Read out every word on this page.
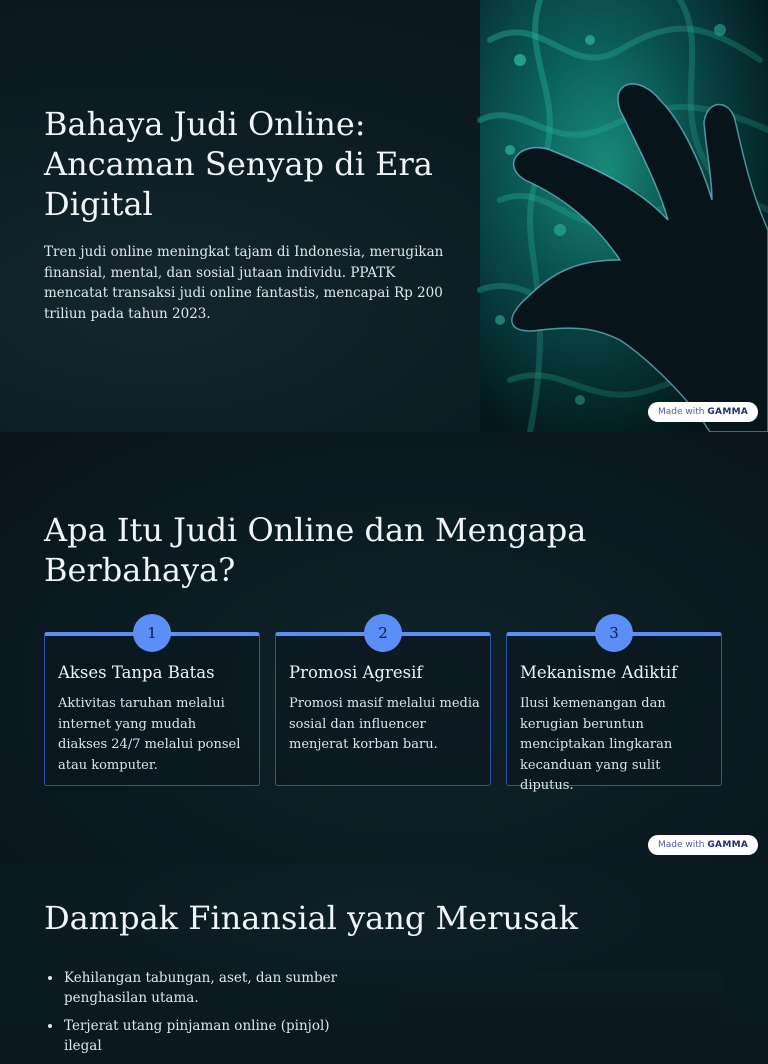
Bahaya Judi Online: Ancaman Senyap di Era Digital

Tren judi online meningkat tajam di Indonesia, merugikan finansial, mental, dan sosial jutaan individu. PPATK mencatat transaksi judi online fantastis, mencapai Rp 200 triliun pada tahun 2023.

Made with GAMMA
Apa Itu Judi Online dan Mengapa Berbahaya?
1
Akses Tanpa Batas

Aktivitas taruhan melalui internet yang mudah diakses 24/7 melalui ponsel atau komputer.

2
Promosi Agresif

Promosi masif melalui media sosial dan influencer menjerat korban baru.

3
Mekanisme Adiktif

Ilusi kemenangan dan kerugian beruntun menciptakan lingkaran kecanduan yang sulit diputus.

Made with GAMMA
Dampak Finansial yang Merusak
Kehilangan tabungan, aset, dan sumber penghasilan utama.
Terjerat utang pinjaman online (pinjol) ilegal
